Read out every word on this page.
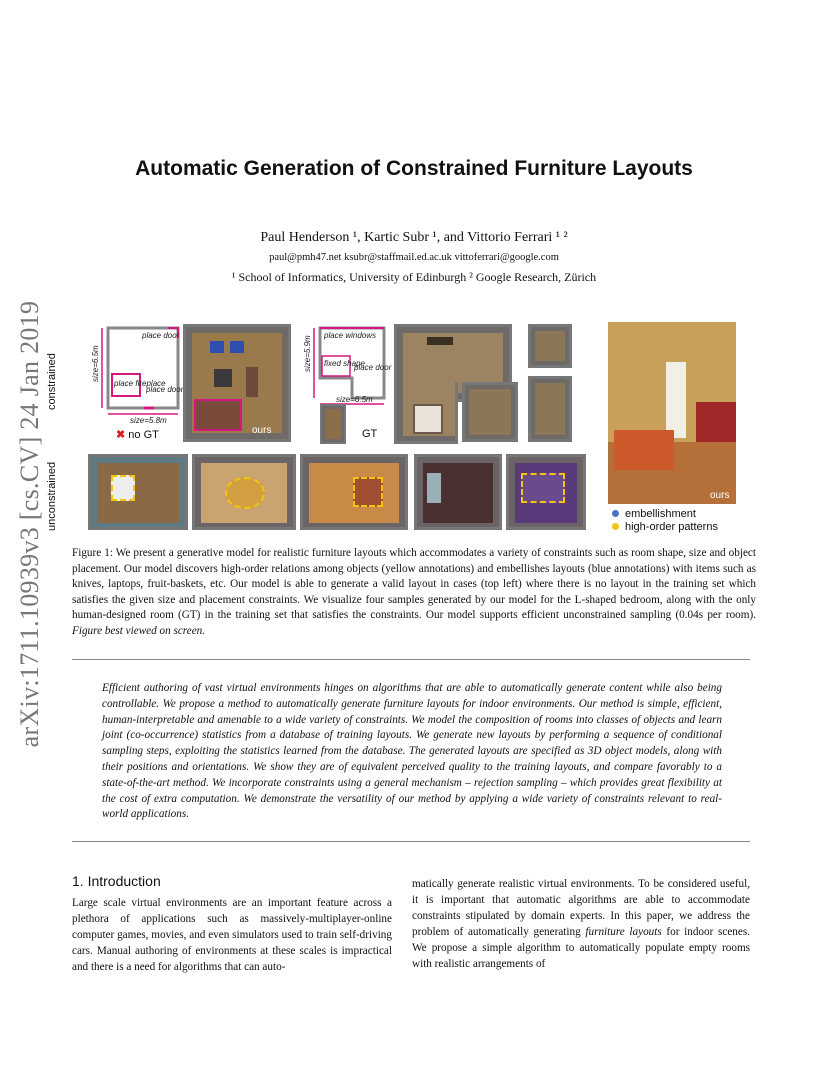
arXiv:1711.10939v3 [cs.CV] 24 Jan 2019
Automatic Generation of Constrained Furniture Layouts
Paul Henderson ¹, Kartic Subr ¹, and Vittorio Ferrari ¹ ²
paul@pmh47.net ksubr@staffmail.ed.ac.uk vittoferrari@google.com
¹ School of Informatics, University of Edinburgh ² Google Research, Zürich
constrained
unconstrained
place door
place fireplace
place door
size=6.5m
size=5.8m
✖ no GT	ours
place windows
fixed shape
place door
size=5.9m
size=6.5m
GT
ours
embellishment
high-order patterns
Figure 1: We present a generative model for realistic furniture layouts which accommodates a variety of constraints such as room shape, size and object placement. Our model discovers high-order relations among objects (yellow annotations) and embellishes layouts (blue annotations) with items such as knives, laptops, fruit-baskets, etc. Our model is able to generate a valid layout in cases (top left) where there is no layout in the training set which satisfies the given size and placement constraints. We visualize four samples generated by our model for the L-shaped bedroom, along with the only human-designed room (GT) in the training set that satisfies the constraints. Our model supports efficient unconstrained sampling (0.04s per room). Figure best viewed on screen.
Efficient authoring of vast virtual environments hinges on algorithms that are able to automatically generate content while also being controllable. We propose a method to automatically generate furniture layouts for indoor environments. Our method is simple, efficient, human-interpretable and amenable to a wide variety of constraints. We model the composition of rooms into classes of objects and learn joint (co-occurrence) statistics from a database of training layouts. We generate new layouts by performing a sequence of conditional sampling steps, exploiting the statistics learned from the database. The generated layouts are specified as 3D object models, along with their positions and orientations. We show they are of equivalent perceived quality to the training layouts, and compare favorably to a state-of-the-art method. We incorporate constraints using a general mechanism – rejection sampling – which provides great flexibility at the cost of extra computation. We demonstrate the versatility of our method by applying a wide variety of constraints relevant to real-world applications.
1. Introduction
Large scale virtual environments are an important feature across a plethora of applications such as massively-multiplayer-online computer games, movies, and even simulators used to train self-driving cars. Manual authoring of environments at these scales is impractical and there is a need for algorithms that can auto-
matically generate realistic virtual environments. To be considered useful, it is important that automatic algorithms are able to accommodate constraints stipulated by domain experts. In this paper, we address the problem of automatically generating furniture layouts for indoor scenes. We propose a simple algorithm to automatically populate empty rooms with realistic arrangements of
